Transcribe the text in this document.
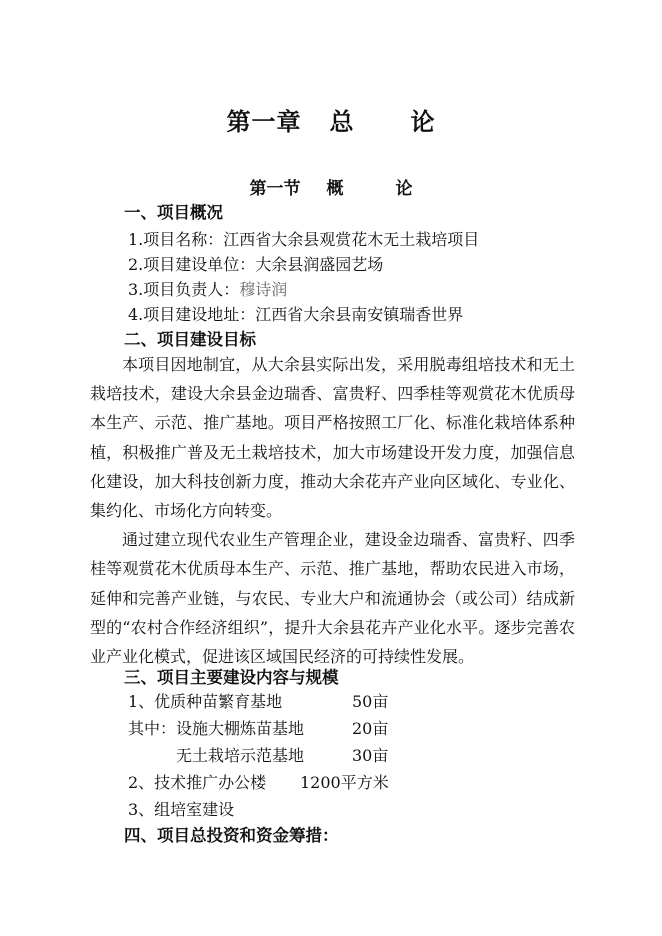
第一章 总 论
第一节 概	论
一、项目概况
1.项目名称：江西省大余县观赏花木无土栽培项目
2.项目建设单位：大余县润盛园艺场
3.项目负责人：穆诗润
4.项目建设地址：江西省大余县南安镇瑞香世界
二、项目建设目标

本项目因地制宜，从大余县实际出发，采用脱毒组培技术和无土栽培技术，建设大余县金边瑞香、富贵籽、四季桂等观赏花木优质母本生产、示范、推广基地。项目严格按照工厂化、标准化栽培体系种植，积极推广普及无土栽培技术，加大市场建设开发力度，加强信息化建设，加大科技创新力度，推动大余花卉产业向区域化、专业化、集约化、市场化方向转变。

通过建立现代农业生产管理企业，建设金边瑞香、富贵籽、四季桂等观赏花木优质母本生产、示范、推广基地，帮助农民进入市场，延伸和完善产业链，与农民、专业大户和流通协会（或公司）结成新型的“农村合作经济组织”，提升大余县花卉产业化水平。逐步完善农业产业化模式，促进该区域国民经济的可持续性发展。

三、项目主要建设内容与规模
1、优质种苗繁育基地	50亩
其中： 设施大棚炼苗基地	20亩
无土栽培示范基地	30亩
2、技术推广办公楼 1200平方米
3、组培室建设
四、项目总投资和资金筹措：
